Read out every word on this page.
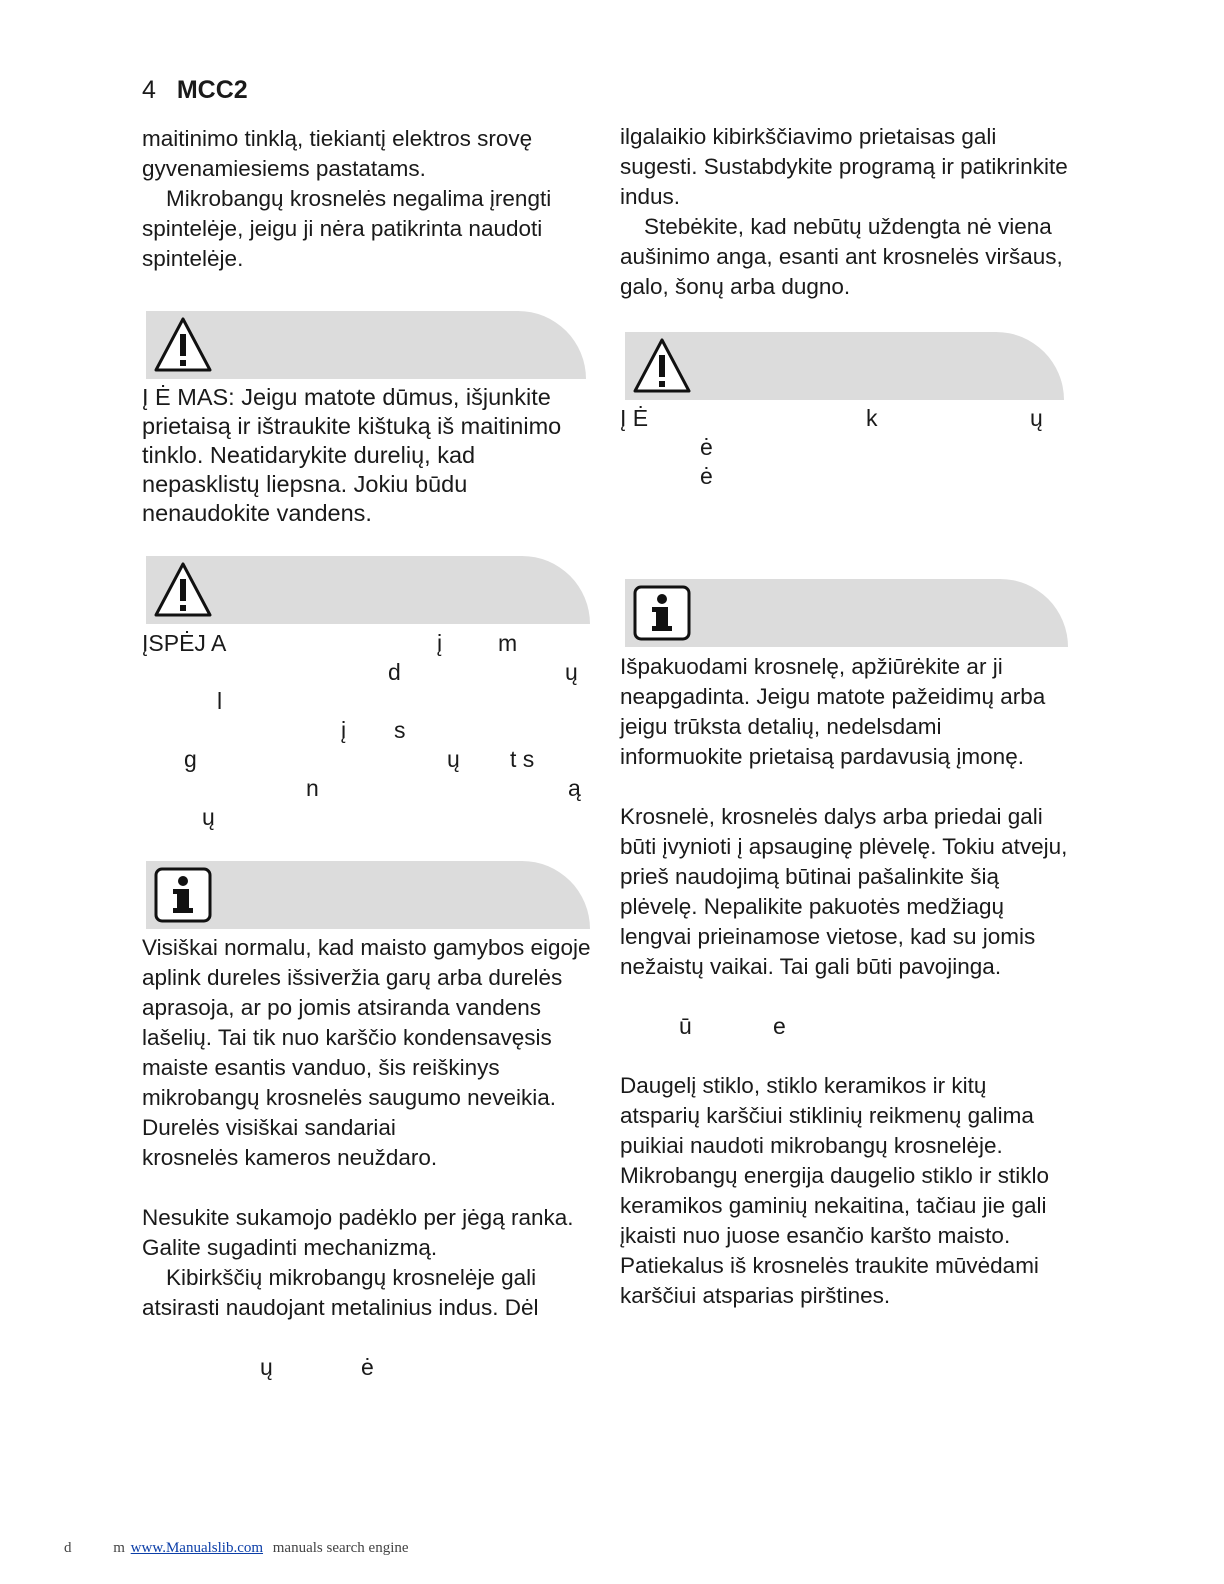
4 MCC2

maitinimo tinklą, tiekiantį elektros srovę gyvenamiesiems pastatams.

Mikrobangų krosnelės negalima įrengti spintelėje, jeigu ji nėra patikrinta naudoti spintelėje.

Į Ė MAS: Jeigu matote dūmus, išjunkite prietaisą ir ištraukite kištuką iš maitinimo tinklo. Neatidarykite durelių, kad nepasklistų liepsna. Jokiu būdu nenaudokite vandens.

ĮSPĖJ A	į m
d	ų
l
į s
g	ų t s
n	ą
ų

Visiškai normalu, kad maisto gamybos eigoje aplink dureles išsiveržia garų arba durelės aprasoja, ar po jomis atsiranda vandens lašelių. Tai tik nuo karščio kondensavęsis maiste esantis vanduo, šis reiškinys mikrobangų krosnelės saugumo neveikia. Durelės visiškai sandariai

krosnelės kameros neuždaro.

Nesukite sukamojo padėklo per jėgą ranka. Galite sugadinti mechanizmą.

Kibirkščių mikrobangų krosnelėje gali atsirasti naudojant metalinius indus. Dėl

ų	ė

ilgalaikio kibirkščiavimo prietaisas gali sugesti. Sustabdykite programą ir patikrinkite indus.

Stebėkite, kad nebūtų uždengta nė viena aušinimo anga, esanti ant krosnelės viršaus, galo, šonų arba dugno.

Į Ė	k	ų
ė
ė

Išpakuodami krosnelę, apžiūrėkite ar ji neapgadinta. Jeigu matote pažeidimų arba jeigu trūksta detalių, nedelsdami informuokite prietaisą pardavusią įmonę.

Krosnelė, krosnelės dalys arba priedai gali būti įvynioti į apsauginę plėvelę. Tokiu atveju, prieš naudojimą būtinai pašalinkite šią plėvelę. Nepalikite pakuotės medžiagų lengvai prieinamose vietose, kad su jomis nežaistų vaikai. Tai gali būti pavojinga.

ū	e

Daugelį stiklo, stiklo keramikos ir kitų atsparių karščiui stiklinių reikmenų galima puikiai naudoti mikrobangų krosnelėje. Mikrobangų energija daugelio stiklo ir stiklo keramikos gaminių nekaitina, tačiau jie gali įkaisti nuo juose esančio karšto maisto. Patiekalus iš krosnelės traukite mūvėdami karščiui atsparias pirštines.

d	m www.Manualslib.com manuals search engine
